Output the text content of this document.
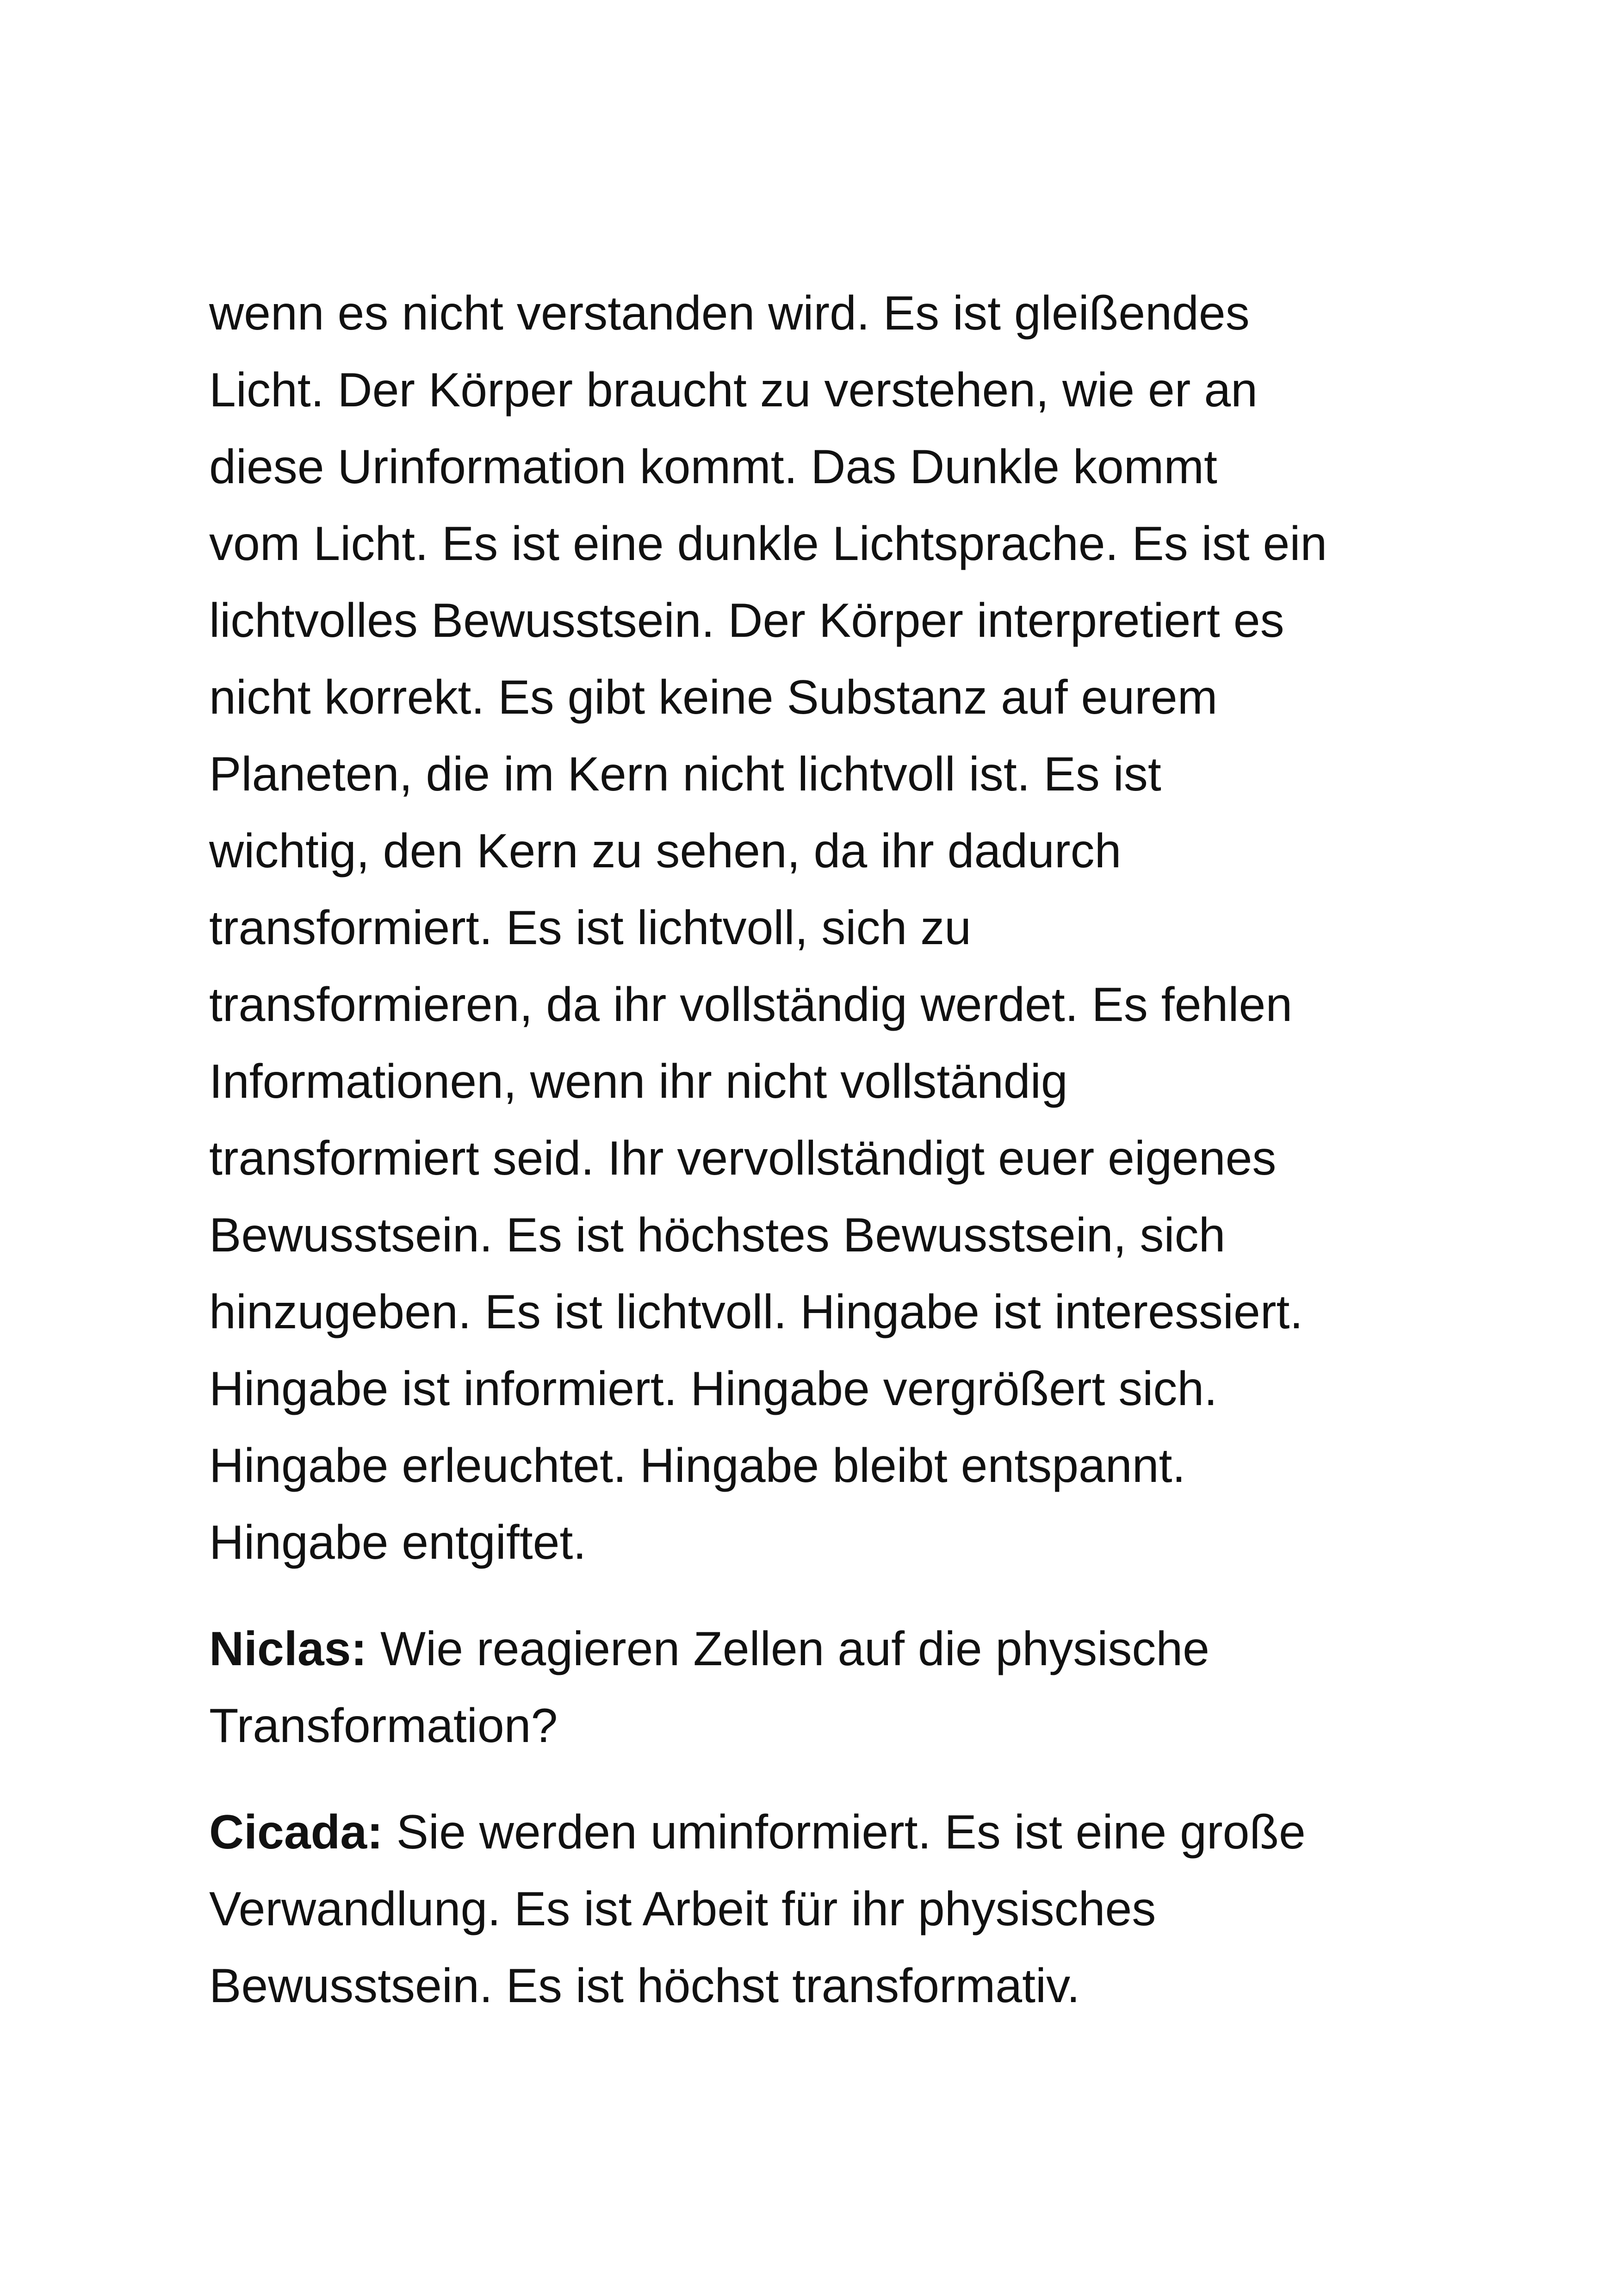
wenn es nicht verstanden wird. Es ist gleißendes
Licht. Der Körper braucht zu verstehen, wie er an
diese Urinformation kommt. Das Dunkle kommt
vom Licht. Es ist eine dunkle Lichtsprache. Es ist ein
lichtvolles Bewusstsein. Der Körper interpretiert es
nicht korrekt. Es gibt keine Substanz auf eurem
Planeten, die im Kern nicht lichtvoll ist. Es ist
wichtig, den Kern zu sehen, da ihr dadurch
transformiert. Es ist lichtvoll, sich zu
transformieren, da ihr vollständig werdet. Es fehlen
Informationen, wenn ihr nicht vollständig
transformiert seid. Ihr vervollständigt euer eigenes
Bewusstsein. Es ist höchstes Bewusstsein, sich
hinzugeben. Es ist lichtvoll. Hingabe ist interessiert.
Hingabe ist informiert. Hingabe vergrößert sich.
Hingabe erleuchtet. Hingabe bleibt entspannt.
Hingabe entgiftet.

Niclas: Wie reagieren Zellen auf die physische
Transformation?

Cicada: Sie werden uminformiert. Es ist eine große
Verwandlung. Es ist Arbeit für ihr physisches
Bewusstsein. Es ist höchst transformativ.
